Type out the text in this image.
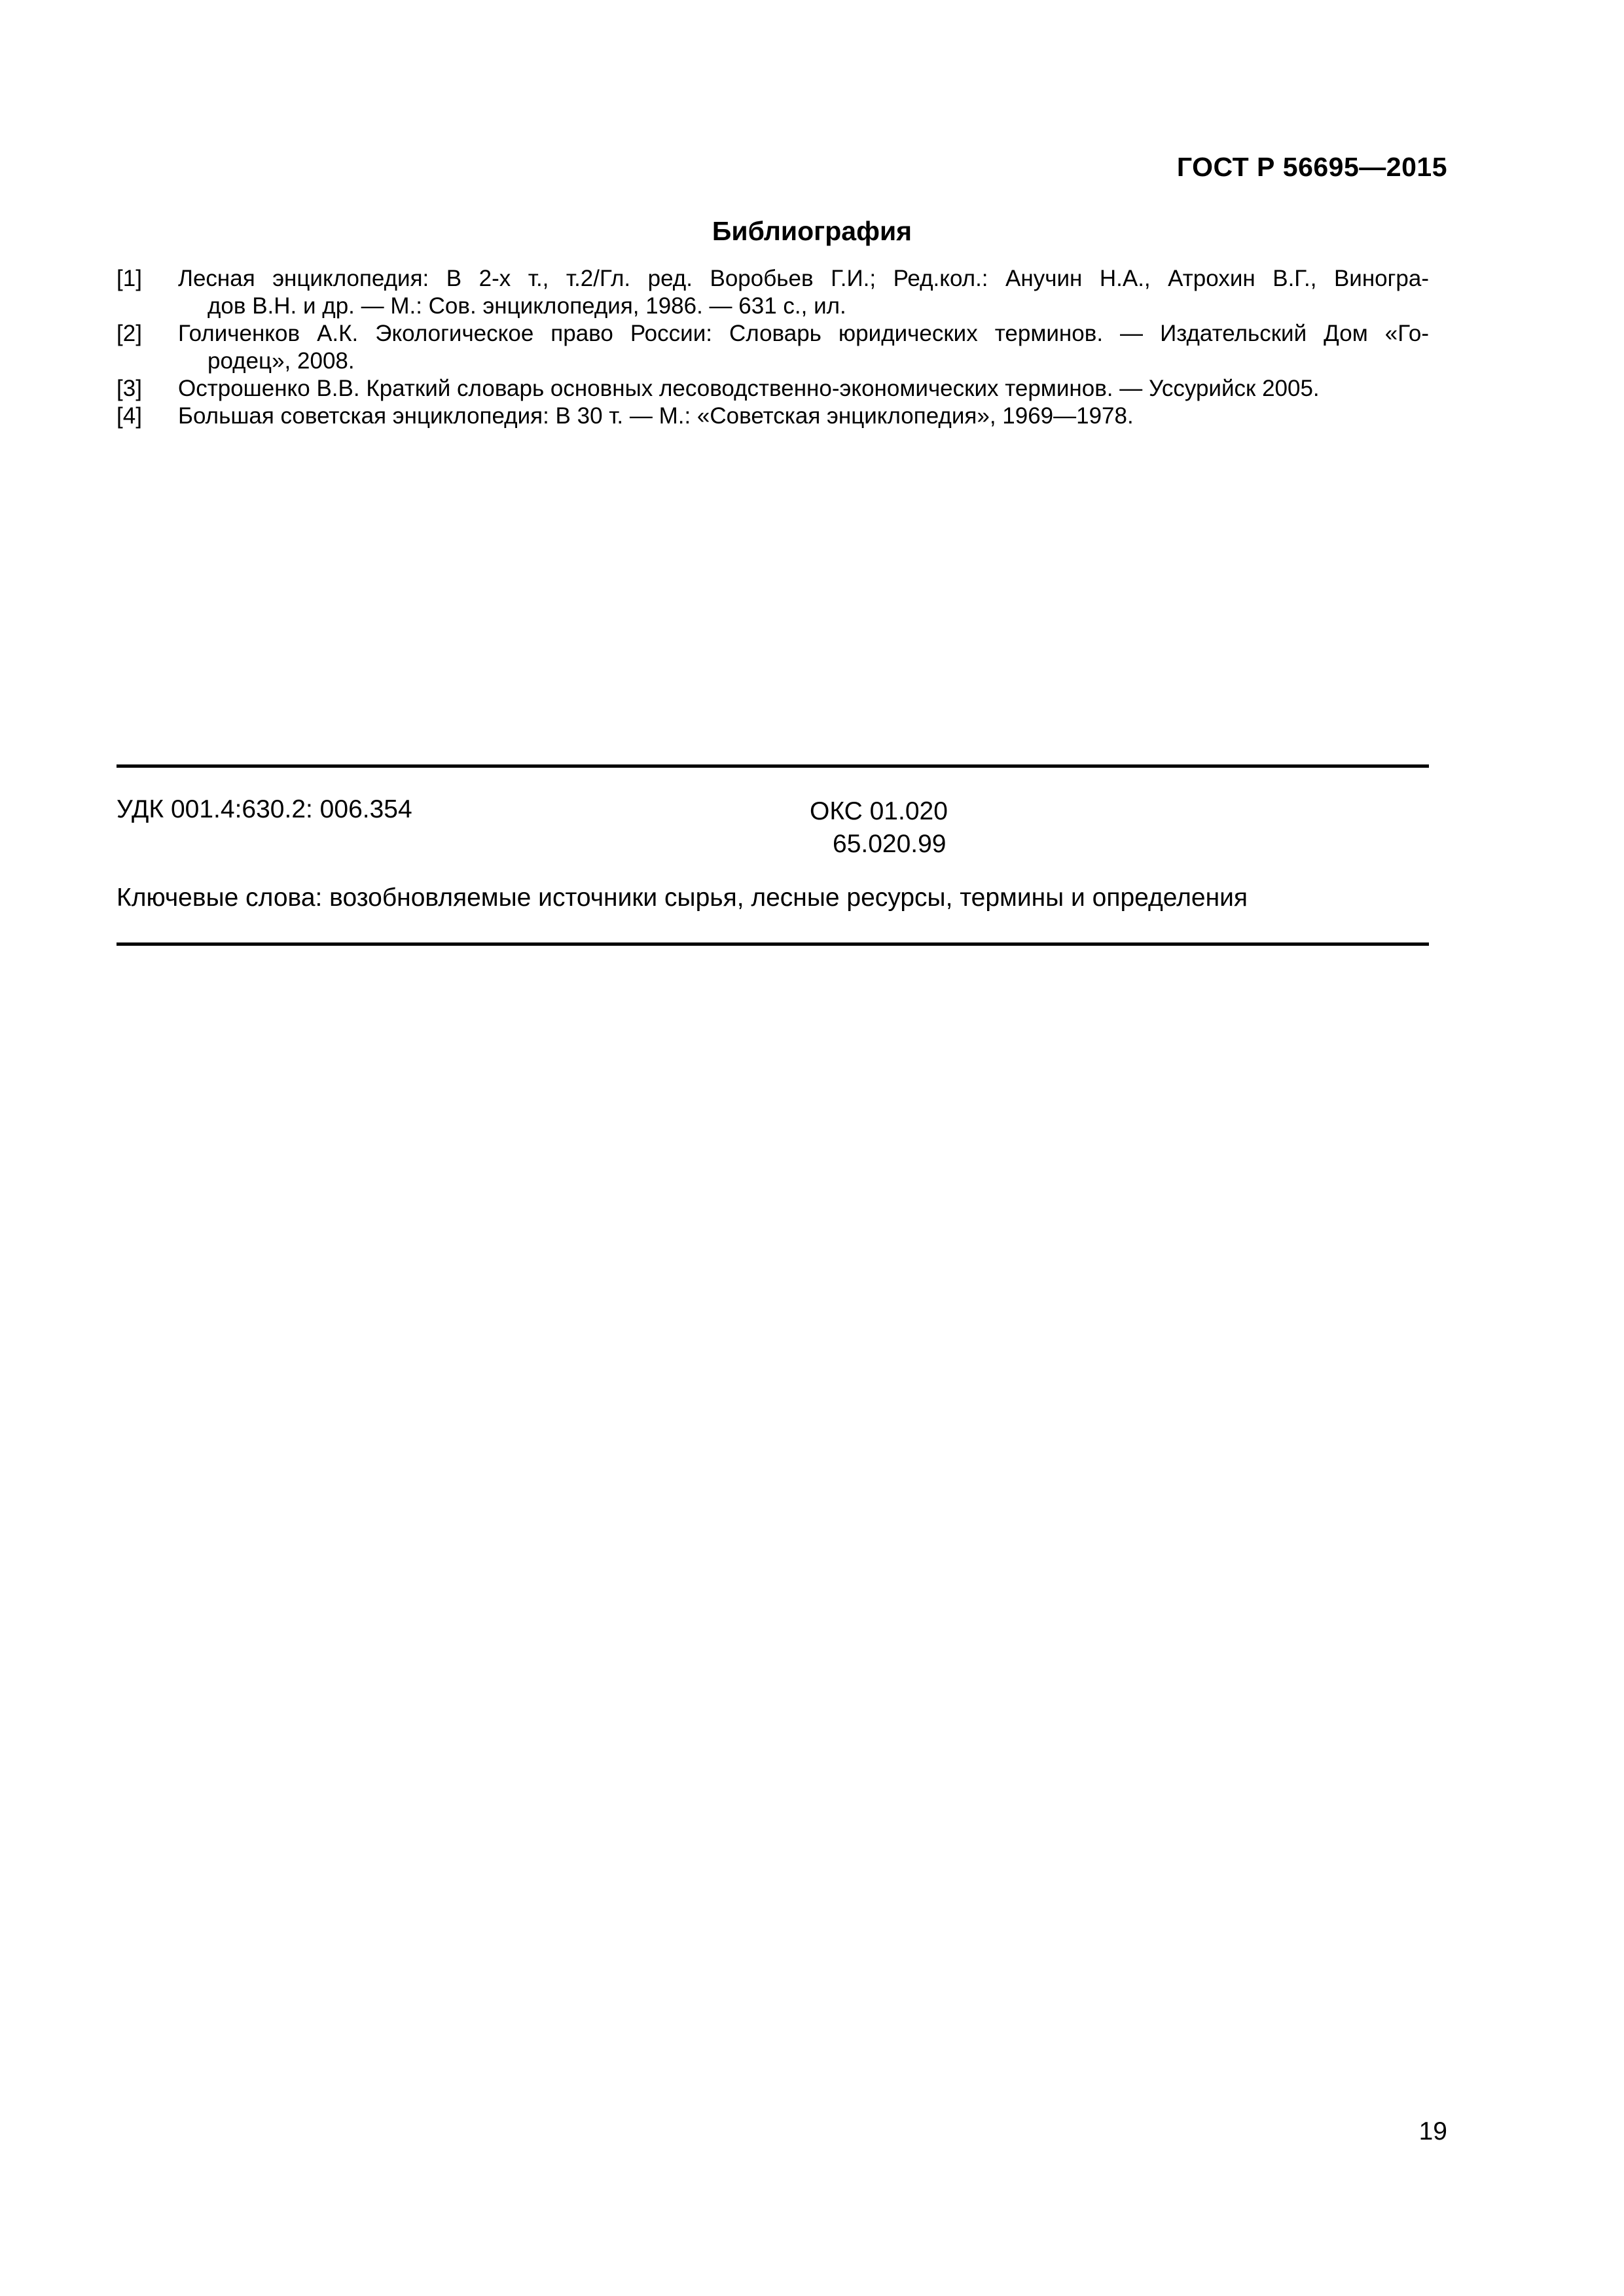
ГОСТ Р 56695—2015
Библиография
[1]	Лесная энциклопедия: В 2-х т., т.2/Гл. ред. Воробьев Г.И.; Ред.кол.: Анучин Н.А., Атрохин В.Г., Виногра-
дов В.Н. и др. — М.: Сов. энциклопедия, 1986. — 631 с., ил.
[2]	Голиченков А.К. Экологическое право России: Словарь юридических терминов. — Издательский Дом «Го-
родец», 2008.
[3]	Острошенко В.В. Краткий словарь основных лесоводственно-экономических терминов. — Уссурийск 2005.
[4]	Большая советская энциклопедия: В 30 т. — М.: «Советская энциклопедия», 1969—1978.
УДК 001.4:630.2: 006.354	ОКС 01.020
65.020.99
Ключевые слова: возобновляемые источники сырья, лесные ресурсы, термины и определения
19
